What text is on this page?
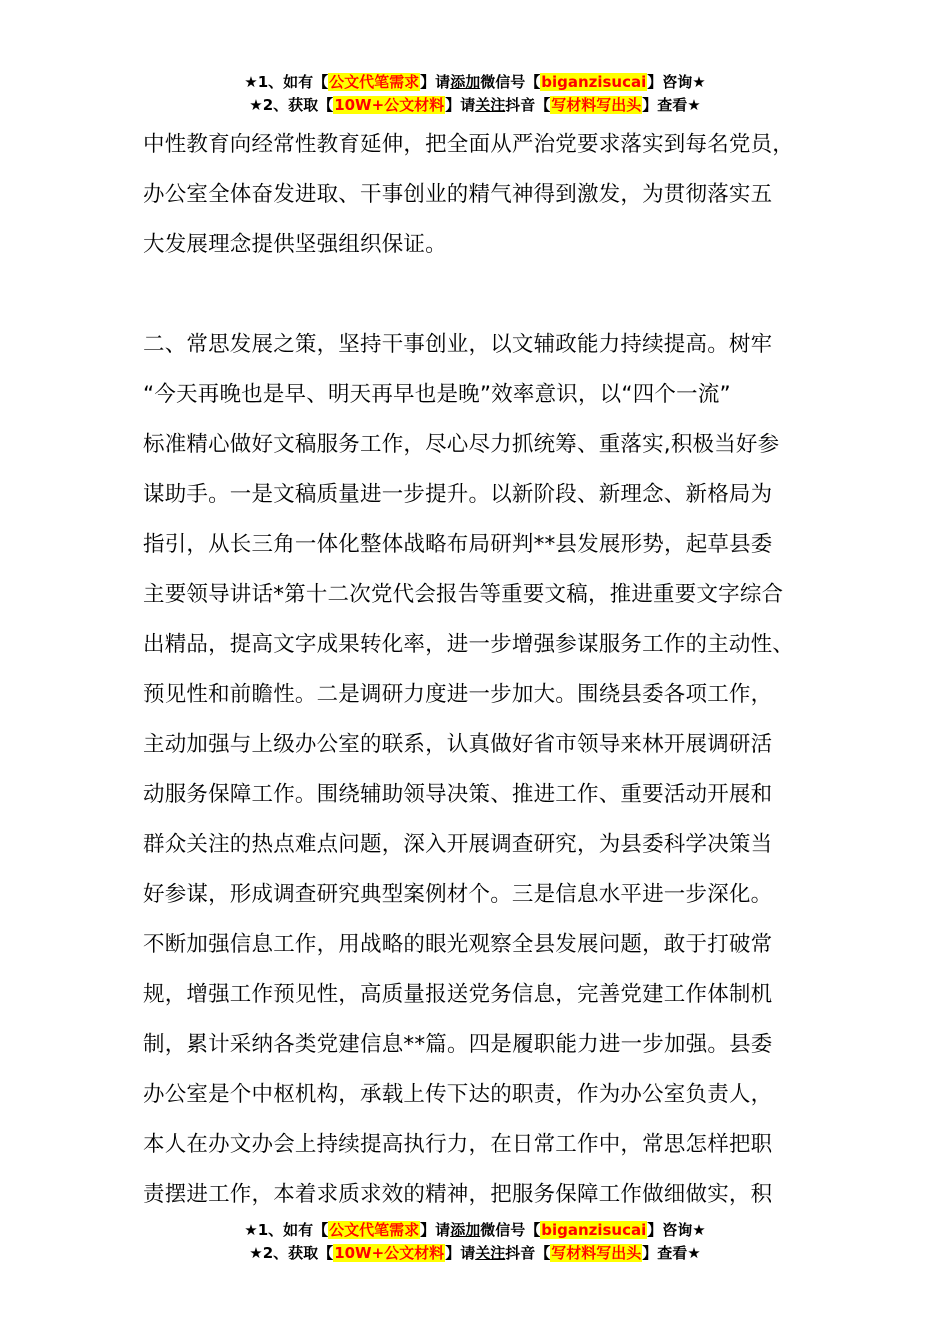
★1、如有【公文代笔需求】请添加微信号【biganzisucai】咨询★
★2、获取【10W+公文材料】请关注抖音【写材料写出头】查看★
中性教育向经常性教育延伸，把全面从严治党要求落实到每名党员，
办公室全体奋发进取、干事创业的精气神得到激发，为贯彻落实五
大发展理念提供坚强组织保证。
二、常思发展之策，坚持干事创业，以文辅政能力持续提高。树牢
“今天再晚也是早、明天再早也是晚”效率意识，以“四个一流”
标准精心做好文稿服务工作，尽心尽力抓统筹、重落实,积极当好参
谋助手。一是文稿质量进一步提升。以新阶段、新理念、新格局为
指引，从长三角一体化整体战略布局研判**县发展形势，起草县委
主要领导讲话*第十二次党代会报告等重要文稿，推进重要文字综合
出精品，提高文字成果转化率，进一步增强参谋服务工作的主动性、
预见性和前瞻性。二是调研力度进一步加大。围绕县委各项工作，
主动加强与上级办公室的联系，认真做好省市领导来林开展调研活
动服务保障工作。围绕辅助领导决策、推进工作、重要活动开展和
群众关注的热点难点问题，深入开展调查研究，为县委科学决策当
好参谋，形成调查研究典型案例材个。三是信息水平进一步深化。
不断加强信息工作，用战略的眼光观察全县发展问题，敢于打破常
规，增强工作预见性，高质量报送党务信息，完善党建工作体制机
制，累计采纳各类党建信息**篇。四是履职能力进一步加强。县委
办公室是个中枢机构，承载上传下达的职责，作为办公室负责人，
本人在办文办会上持续提高执行力，在日常工作中，常思怎样把职
责摆进工作，本着求质求效的精神，把服务保障工作做细做实，积
★1、如有【公文代笔需求】请添加微信号【biganzisucai】咨询★
★2、获取【10W+公文材料】请关注抖音【写材料写出头】查看★
